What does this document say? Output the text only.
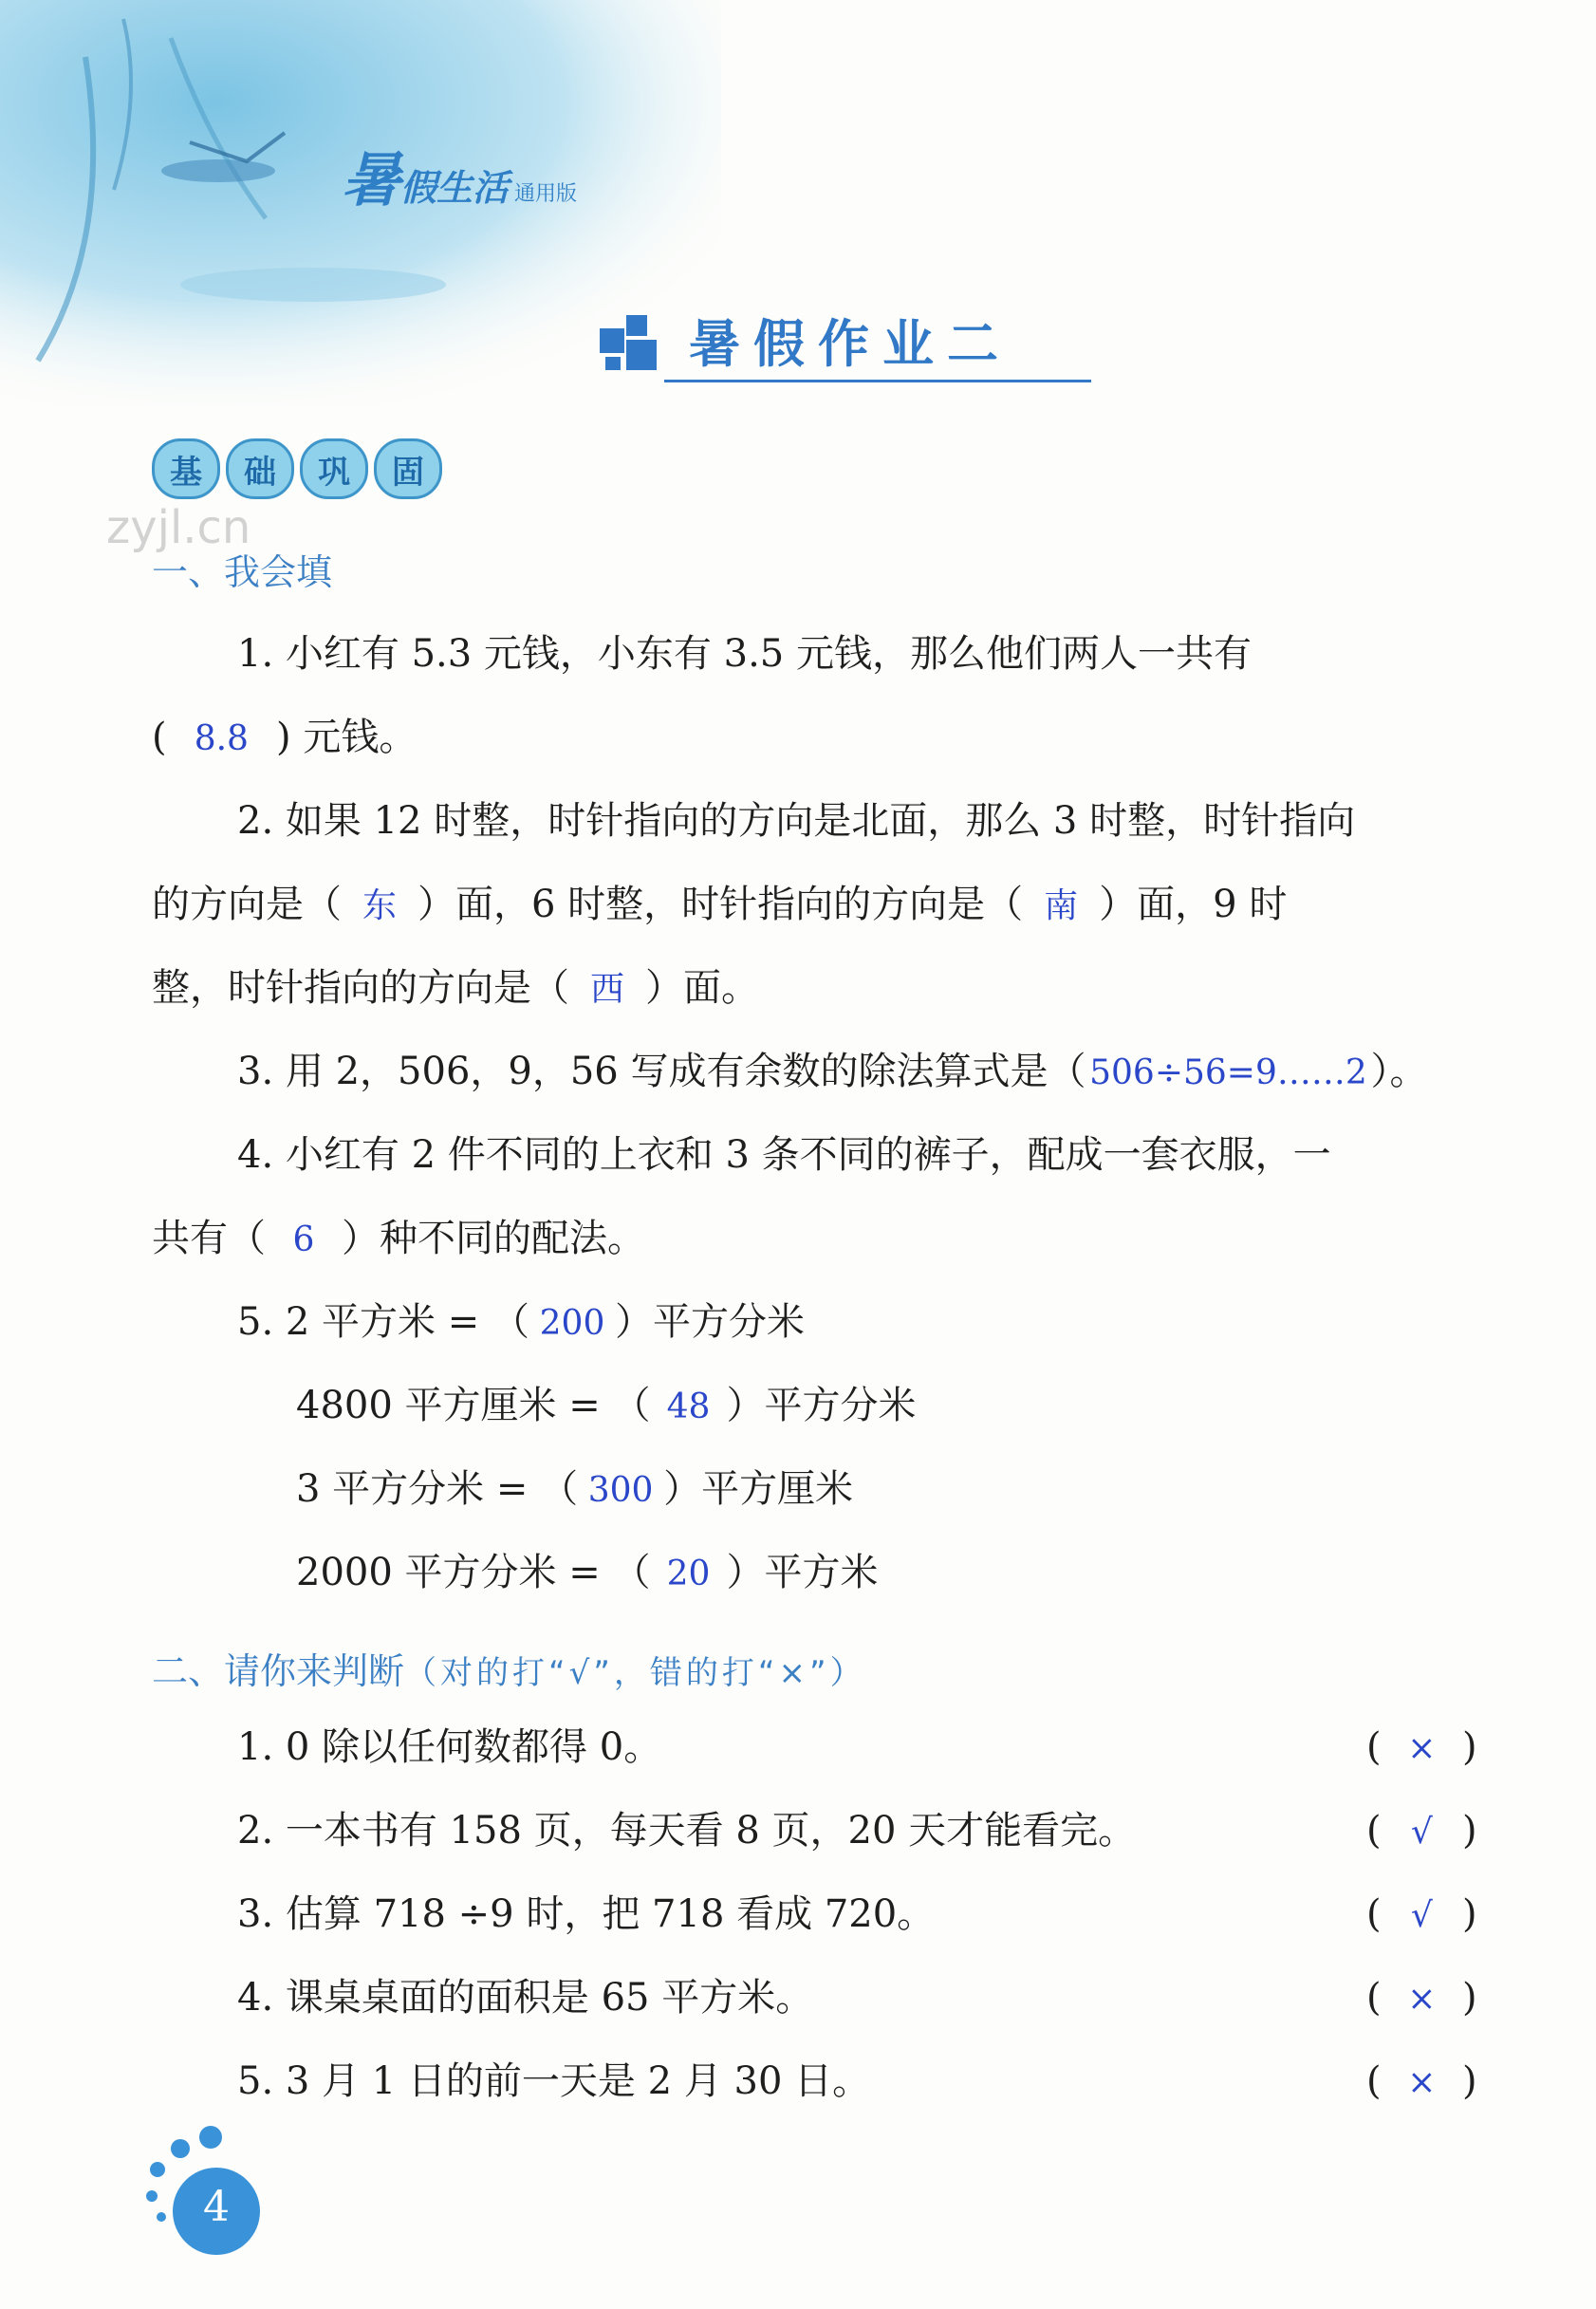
暑假生活 通用版
暑假作业二
基	础	巩	固
zyjl.cn
一、我会填
1. 小红有 5.3 元钱，小东有 3.5 元钱，那么他们两人一共有
( 8.8 ) 元钱。
2. 如果 12 时整，时针指向的方向是北面，那么 3 时整，时针指向
的方向是（ 东 ）面，6 时整，时针指向的方向是（ 南 ）面，9 时
整，时针指向的方向是（ 西 ）面。
3. 用 2，506，9，56 写成有余数的除法算式是（ 506÷56=9……2）。
4. 小红有 2 件不同的上衣和 3 条不同的裤子，配成一套衣服，一
共有（ 6 ）种不同的配法。
5. 2 平方米 = （ 200 ）平方分米
4800 平方厘米 = （ 48 ）平方分米
3 平方分米 = （ 300 ）平方厘米
2000 平方分米 = （ 20 ）平方米
二、请你来判断（对的打“√”，错的打“×”）
1. 0 除以任何数都得 0。	( × )
2. 一本书有 158 页，每天看 8 页，20 天才能看完。	( √ )
3. 估算 718 ÷9 时，把 718 看成 720。	( √ )
4. 课桌桌面的面积是 65 平方米。	( × )
5. 3 月 1 日的前一天是 2 月 30 日。	( × )
4
